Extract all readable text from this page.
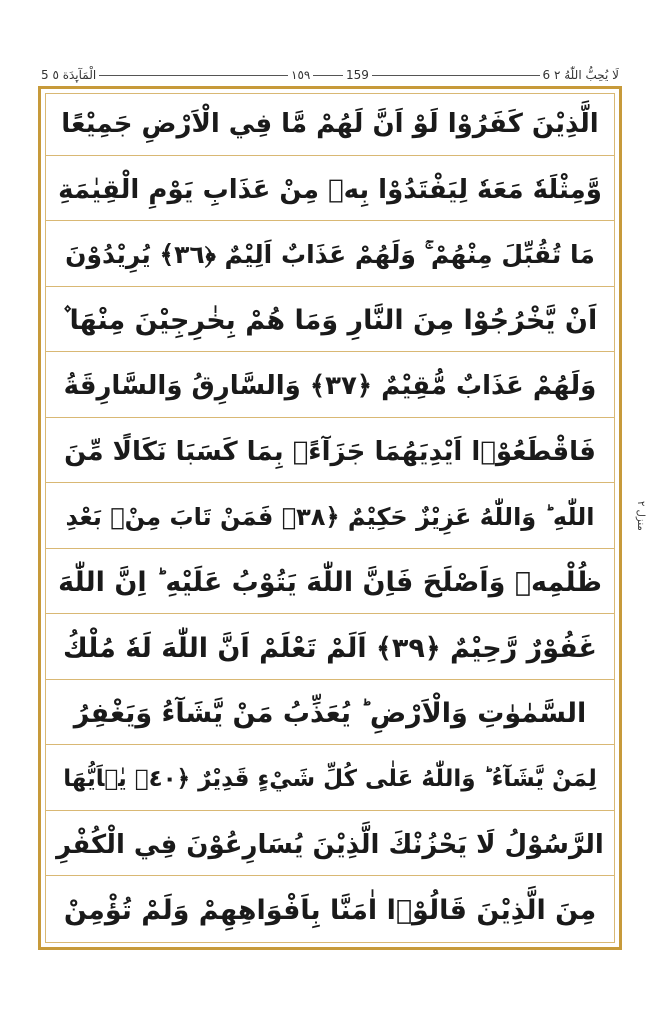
5 الْمَآىِٕدَة ٥	١٥٩	159	6 لَا يُحِبُّ اللّٰهُ ٢
الَّذِيْنَ كَفَرُوْا لَوْ اَنَّ لَهُمْ مَّا فِي الْاَرْضِ جَمِيْعًا
وَّمِثْلَهٗ مَعَهٗ لِيَفْتَدُوْا بِهٖ مِنْ عَذَابِ يَوْمِ الْقِيٰمَةِ
مَا تُقُبِّلَ مِنْهُمْ ۚ وَلَهُمْ عَذَابٌ اَلِيْمٌ ﴿٣٦﴾ يُرِيْدُوْنَ
اَنْ يَّخْرُجُوْا مِنَ النَّارِ وَمَا هُمْ بِخٰرِجِيْنَ مِنْهَا ۫
وَلَهُمْ عَذَابٌ مُّقِيْمٌ ﴿٣٧﴾ وَالسَّارِقُ وَالسَّارِقَةُ
فَاقْطَعُوْۤا اَيْدِيَهُمَا جَزَآءًۢ بِمَا كَسَبَا نَكَالًا مِّنَ
اللّٰهِ ؕ وَاللّٰهُ عَزِيْزٌ حَكِيْمٌ ﴿٣٨﴾ فَمَنْ تَابَ مِنْۢ بَعْدِ
ظُلْمِهٖ وَاَصْلَحَ فَاِنَّ اللّٰهَ يَتُوْبُ عَلَيْهِ ؕ اِنَّ اللّٰهَ
غَفُوْرٌ رَّحِيْمٌ ﴿٣٩﴾ اَلَمْ تَعْلَمْ اَنَّ اللّٰهَ لَهٗ مُلْكُ
السَّمٰوٰتِ وَالْاَرْضِ ؕ يُعَذِّبُ مَنْ يَّشَآءُ وَيَغْفِرُ
لِمَنْ يَّشَآءُ ؕ وَاللّٰهُ عَلٰى كُلِّ شَيْءٍ قَدِيْرٌ ﴿٤٠﴾ يٰۤاَيُّهَا
الرَّسُوْلُ لَا يَحْزُنْكَ الَّذِيْنَ يُسَارِعُوْنَ فِي الْكُفْرِ
مِنَ الَّذِيْنَ قَالُوْۤا اٰمَنَّا بِاَفْوَاهِهِمْ وَلَمْ تُؤْمِنْ
منزل ٢
